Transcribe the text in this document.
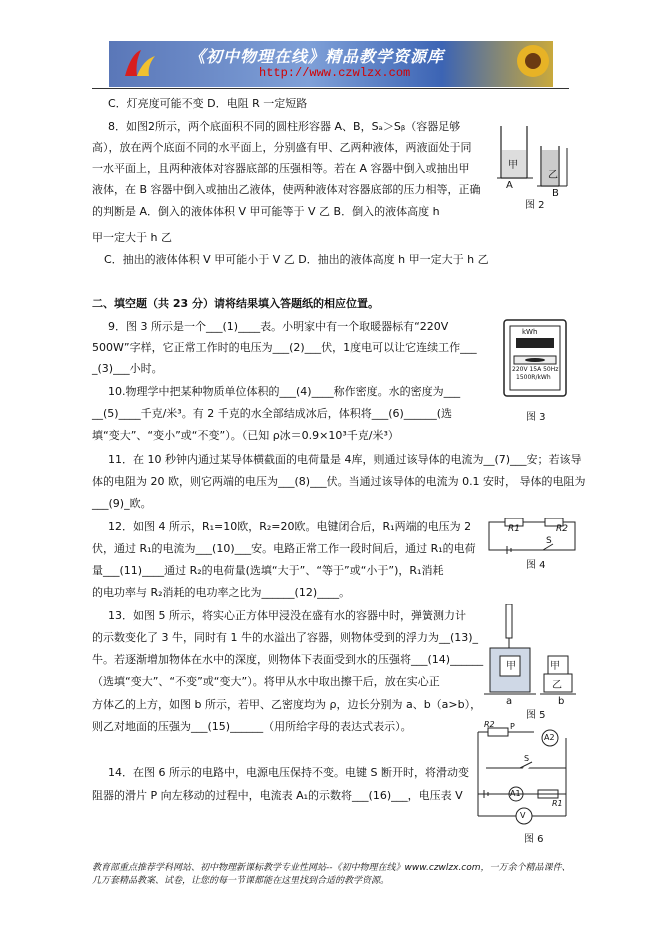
《初中物理在线》精品教学资源库
http://www.czwlzx.com
C．灯亮度可能不变 D．电阻 R 一定短路
8．如图2所示，两个底面积不同的圆柱形容器 A、B，Sₐ＞Sᵦ（容器足够
高），放在两个底面不同的水平面上，分别盛有甲、乙两种液体，两液面处于同
一水平面上，且两种液体对容器底部的压强相等。若在 A 容器中倒入或抽出甲
液体，在 B 容器中倒入或抽出乙液体，使两种液体对容器底部的压力相等，正确
的判断是 A．倒入的液体体积 V 甲可能等于 V 乙 B．倒入的液体高度 h
甲一定大于 h 乙
C．抽出的液体体积 V 甲可能小于 V 乙 D．抽出的液体高度 h 甲一定大于 h 乙
二、填空题（共 23 分）请将结果填入答题纸的相应位置。
9．图 3 所示是一个___(1)____表。小明家中有一个取暖器标有“220V
500W”字样，它正常工作时的电压为___(2)___伏，1度电可以让它连续工作___
_(3)___小时。
10.物理学中把某种物质单位体积的___(4)____称作密度。水的密度为___
__(5)____千克/米³。有 2 千克的水全部结成冰后，体积将___(6)______(选
填“变大”、“变小”或“不变”）。（已知 ρ冰＝0.9×10³千克/米³）
11．在 10 秒钟内通过某导体横截面的电荷量是 4库，则通过该导体的电流为__(7)___安；若该导
体的电阻为 20 欧，则它两端的电压为___(8)___伏。当通过该导体的电流为 0.1 安时， 导体的电阻为
___(9)_欧。
12．如图 4 所示，R₁=10欧，R₂=20欧。电键闭合后，R₁两端的电压为 2
伏，通过 R₁的电流为___(10)___安。电路正常工作一段时间后，通过 R₁的电荷
量___(11)____通过 R₂的电荷量(选填“大于”、“等于”或“小于”)，R₁消耗
的电功率与 R₂消耗的电功率之比为______(12)____。
13．如图 5 所示，将实心正方体甲浸没在盛有水的容器中时，弹簧测力计
的示数变化了 3 牛，同时有 1 牛的水溢出了容器，则物体受到的浮力为__(13)_
牛。若逐渐增加物体在水中的深度，则物体下表面受到水的压强将___(14)______
（选填“变大”、“不变”或“变大”）。将甲从水中取出擦干后，放在实心正
方体乙的上方，如图 b 所示，若甲、乙密度均为 ρ，边长分别为 a、b（a>b），
则乙对地面的压强为___(15)______（用所给字母的表达式表示）。
14．在图 6 所示的电路中，电源电压保持不变。电键 S 断开时，将滑动变
阻器的滑片 P 向左移动的过程中，电流表 A₁的示数将___(16)___，电压表 V
甲
乙
A
B
图 2
kWh
220V 15A 50Hz
1500R/kWh
图 3
R1	R2
S
图 4
甲	甲
乙
a	b
图 5
R2 P
A2
S
A1
R1
V
图 6
教育部重点推荐学科网站、初中物理新课标教学专业性网站--《初中物理在线》www.czwlzx.com，一万余个精品课件、
几万套精品教案、试卷，让您的每一节课都能在这里找到合适的教学资源。
